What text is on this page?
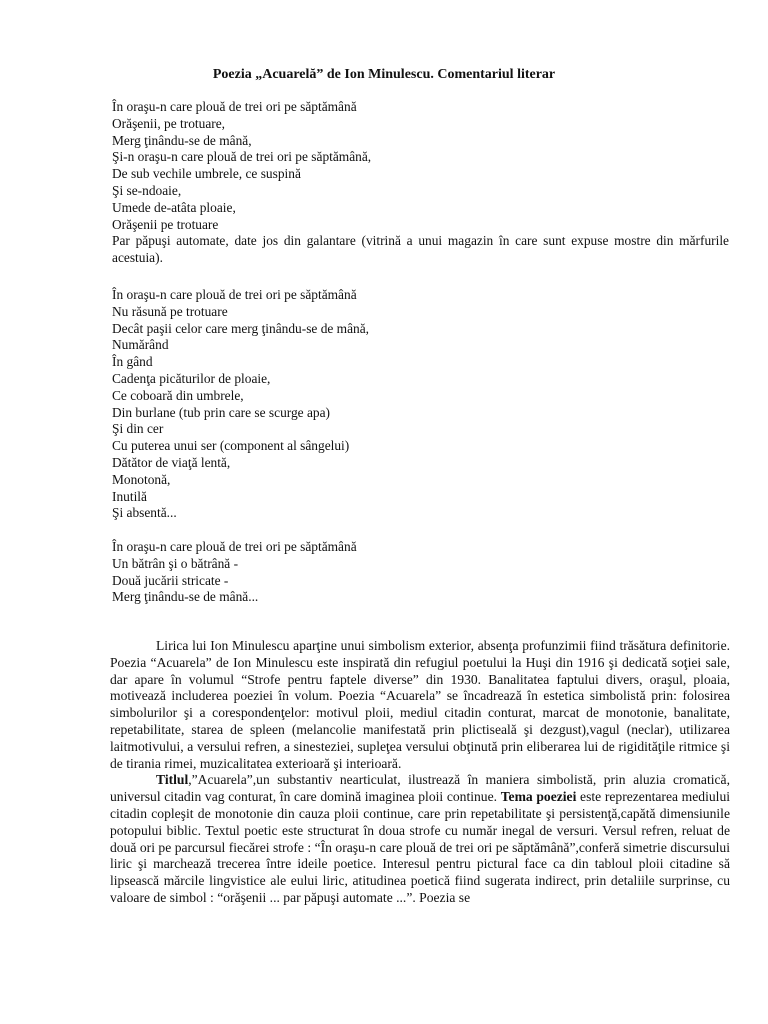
Poezia „Acuarelă” de Ion Minulescu. Comentariul literar
În oraşu-n care plouă de trei ori pe săptămână
Orăşenii, pe trotuare,
Merg ţinându-se de mână,
Şi-n oraşu-n care plouă de trei ori pe săptămână,
De sub vechile umbrele, ce suspină
Şi se-ndoaie,
Umede de-atâta ploaie,
Orăşenii pe trotuare
Par păpuşi automate, date jos din galantare (vitrină a unui magazin în care sunt expuse mostre din mărfurile acestuia).
În oraşu-n care plouă de trei ori pe săptămână
Nu răsună pe trotuare
Decât paşii celor care merg ţinându-se de mână,
Numărând
În gând
Cadenţa picăturilor de ploaie,
Ce coboară din umbrele,
Din burlane (tub prin care se scurge apa)
Şi din cer
Cu puterea unui ser (component al sângelui)
Dătător de viaţă lentă,
Monotonă,
Inutilă
Şi absentă...
În oraşu-n care plouă de trei ori pe săptămână
Un bătrân şi o bătrână -
Două jucării stricate -
Merg ţinându-se de mână...

Lirica lui Ion Minulescu aparţine unui simbolism exterior, absenţa profunzimii fiind trăsătura definitorie. Poezia “Acuarela” de Ion Minulescu este inspirată din refugiul poetului la Huşi din 1916 şi dedicată soţiei sale, dar apare în volumul “Strofe pentru faptele diverse” din 1930. Banalitatea faptului divers, oraşul, ploaia, motivează includerea poeziei în volum. Poezia “Acuarela” se încadrează în estetica simbolistă prin: folosirea simbolurilor şi a corespondenţelor: motivul ploii, mediul citadin conturat, marcat de monotonie, banalitate, repetabilitate, starea de spleen (melancolie manifestată prin plictiseală şi dezgust),vagul (neclar), utilizarea laitmotivului, a versului refren, a sinesteziei, supleţea versului obţinută prin eliberarea lui de rigidităţile ritmice şi de tirania rimei, muzicalitatea exterioară şi interioară.

Titlul,”Acuarela”,un substantiv nearticulat, ilustrează în maniera simbolistă, prin aluzia cromatică, universul citadin vag conturat, în care domină imaginea ploii continue. Tema poeziei este reprezentarea mediului citadin copleşit de monotonie din cauza ploii continue, care prin repetabilitate şi persistenţă,capătă dimensiunile potopului biblic. Textul poetic este structurat în doua strofe cu număr inegal de versuri. Versul refren, reluat de două ori pe parcursul fiecărei strofe : “În oraşu-n care plouă de trei ori pe săptămână”,conferă simetrie discursului liric şi marchează trecerea între ideile poetice. Interesul pentru pictural face ca din tabloul ploii citadine să lipsească mărcile lingvistice ale eului liric, atitudinea poetică fiind sugerata indirect, prin detaliile surprinse, cu valoare de simbol : “orăşenii ... par păpuşi automate ...”. Poezia se
